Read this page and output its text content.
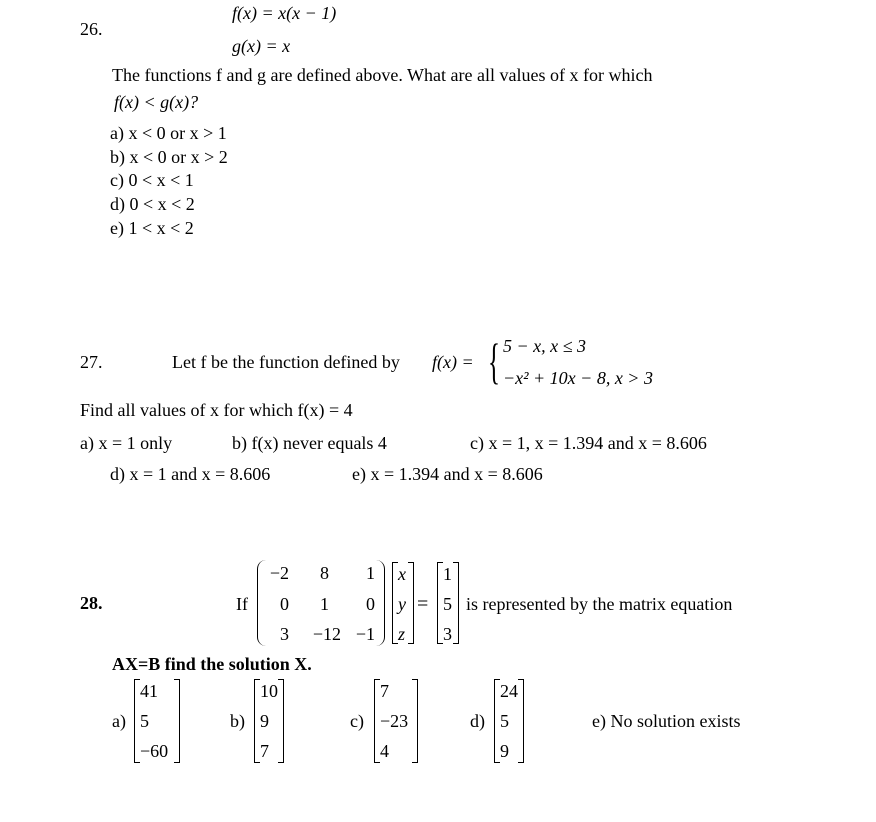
26.
f(x) = x(x − 1)
g(x) = x
The functions f and g are defined above. What are all values of x for which
f(x) < g(x)?
a) x < 0 or x > 1
b) x < 0 or x > 2
c) 0 < x < 1
d) 0 < x < 2
e) 1 < x < 2
27.	Let f be the function defined by f(x) = { 5 − x, x ≤ 3
−x² + 10x − 8, x > 3
Find all values of x for which f(x) = 4
a) x = 1 only	b) f(x) never equals 4	c) x = 1, x = 1.394 and x = 8.606
d) x = 1 and x = 8.606	e) x = 1.394 and x = 8.606
28.	If
−2 8 1
0 1 0
3 −12 −1
x
y
z
=
1
5
3
is represented by the matrix equation
AX=B find the solution X.
a)
41
5
−60
b)
10
9
7
c)
7
−23
4
d)
24
5
9
e) No solution exists
